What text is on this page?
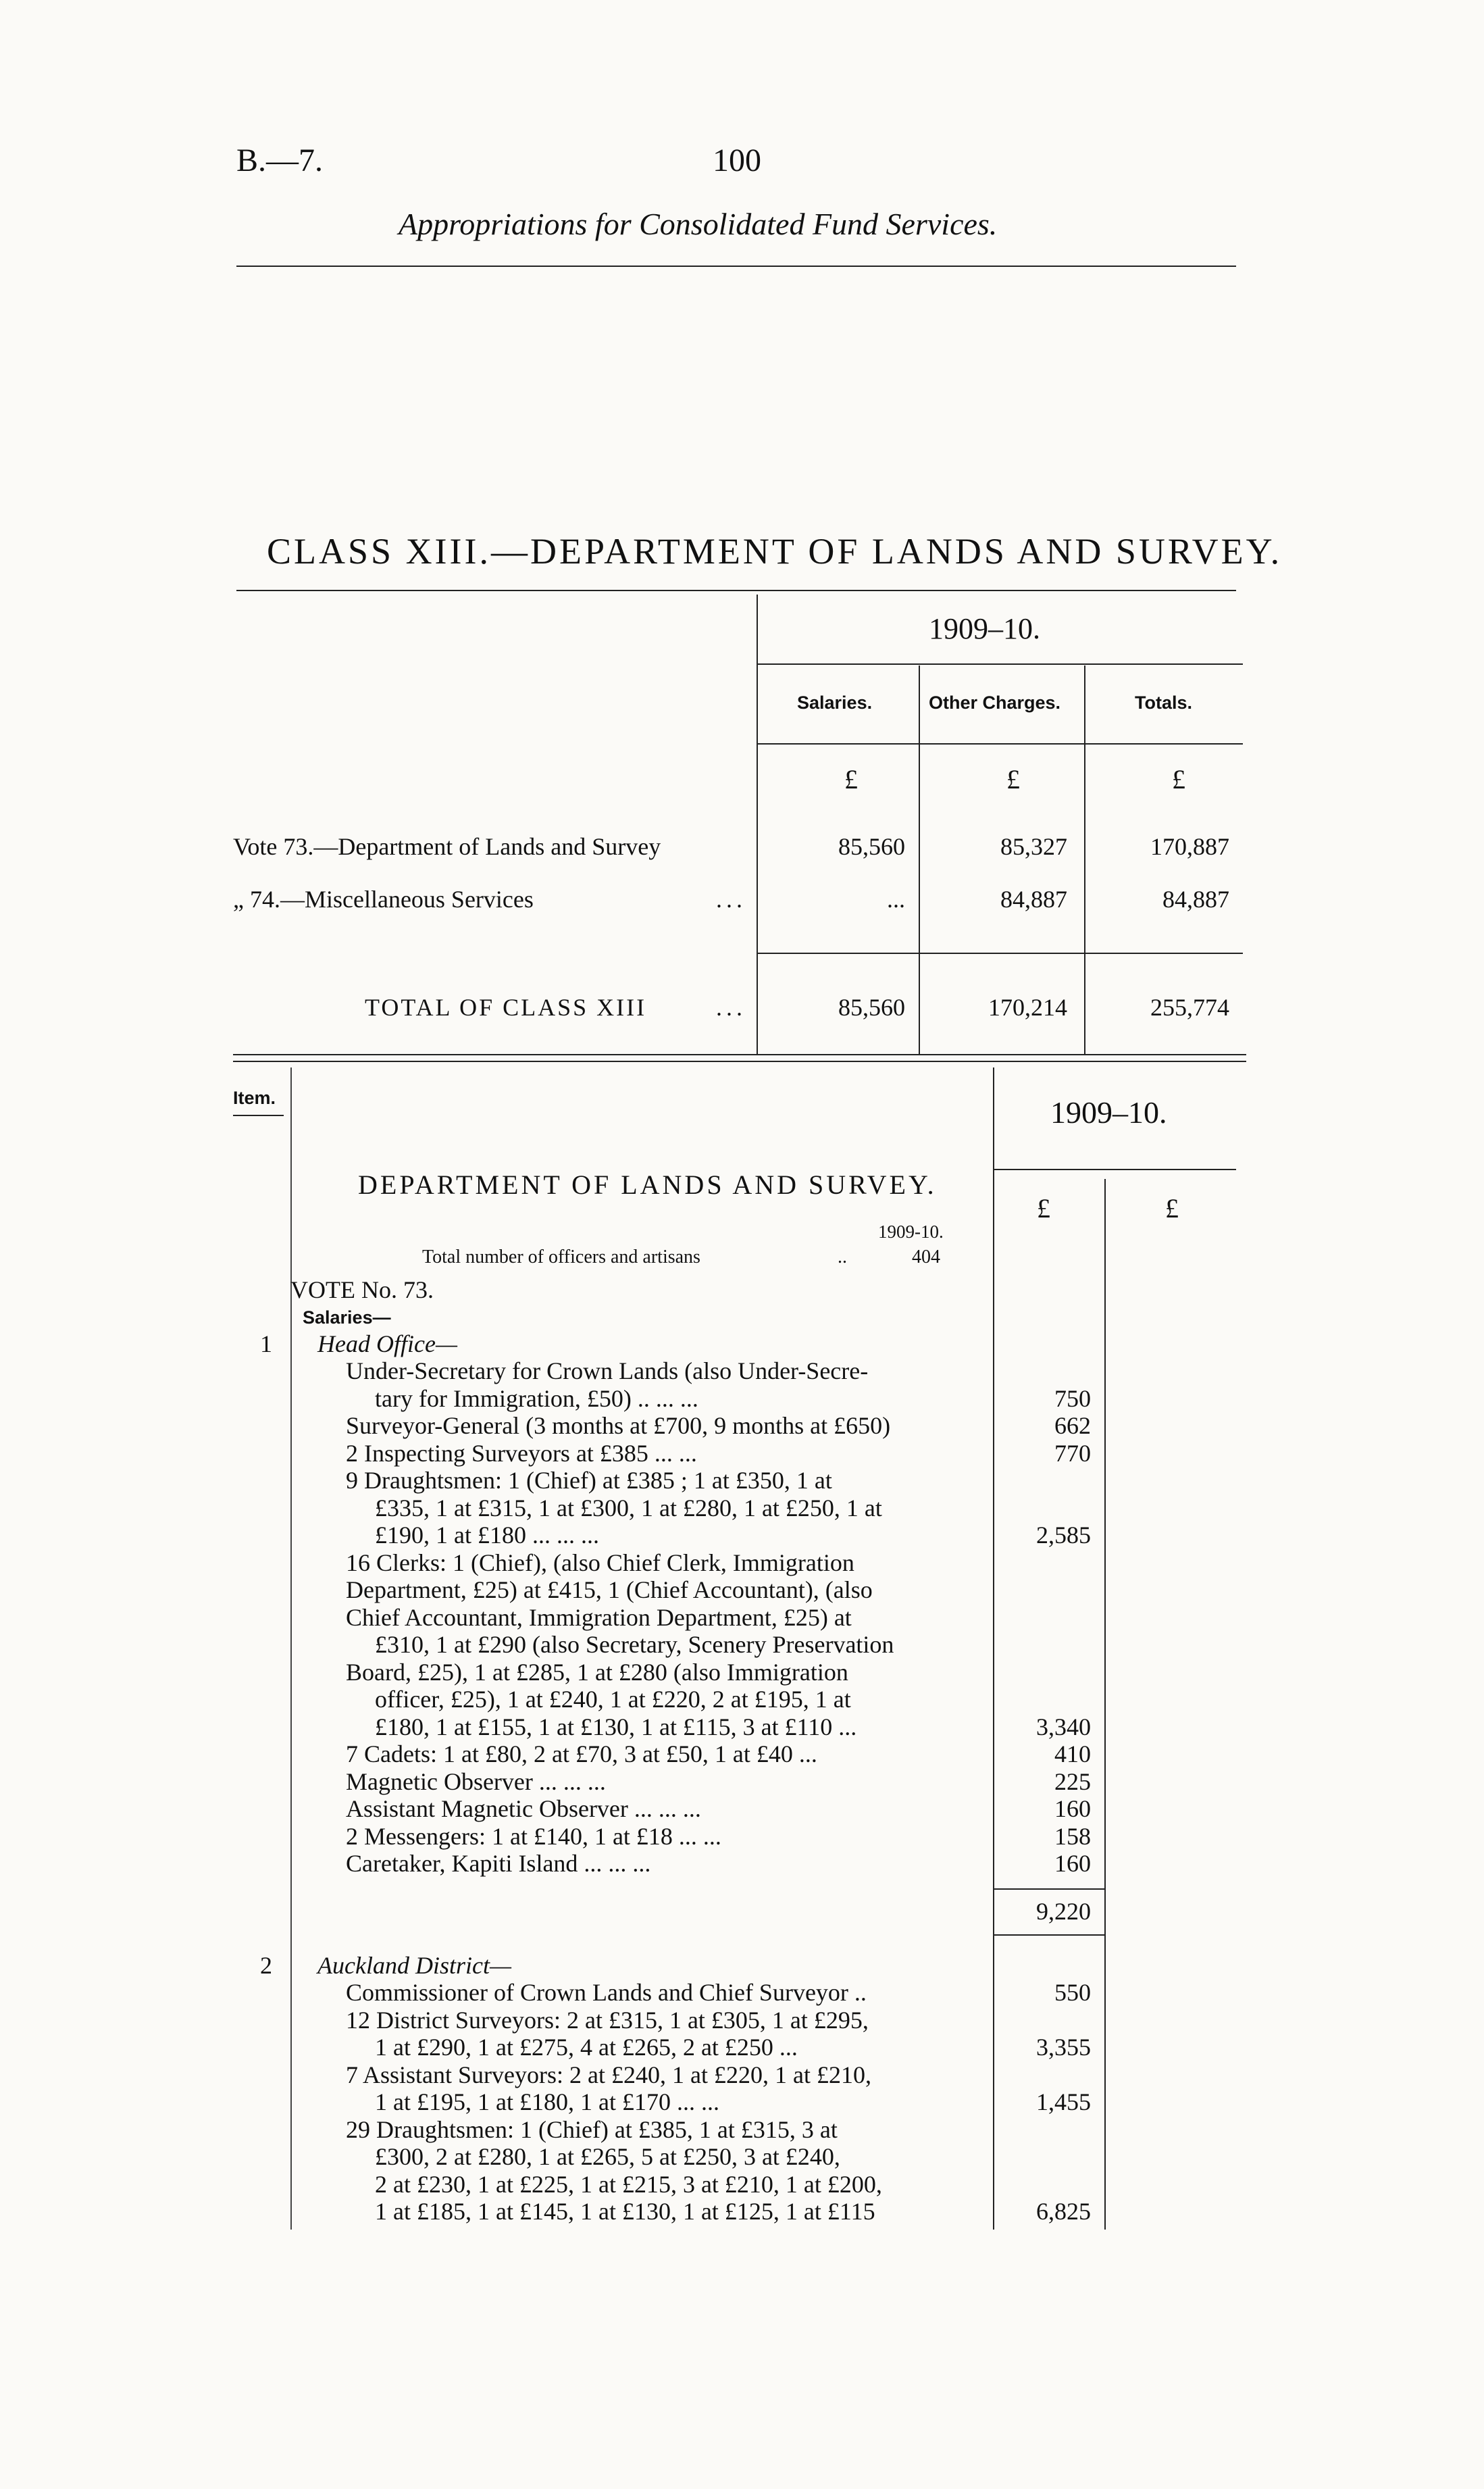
B.—7.	100
Appropriations for Consolidated Fund Services.
CLASS XIII.—DEPARTMENT OF LANDS AND SURVEY.
1909–10.
Salaries.	Other Charges.	Totals.
£	£	£
Vote 73.—Department of Lands and Survey	85,560	85,327	170,887
„ 74.—Miscellaneous Services	...	...	84,887	84,887
TOTAL OF CLASS XIII	...	85,560	170,214	255,774
Item.	1909–10.
£	£
DEPARTMENT OF LANDS AND SURVEY.
1909-10.
Total number of officers and artisans	..	404
VOTE No. 73.
Salaries—
1 Head Office—
Under-Secretary for Crown Lands (also Under-Secre-
tary for Immigration, £50) .. ... ...	750
Surveyor-General (3 months at £700, 9 months at £650)	662
2 Inspecting Surveyors at £385 ... ...	770
9 Draughtsmen: 1 (Chief) at £385 ; 1 at £350, 1 at
£335, 1 at £315, 1 at £300, 1 at £280, 1 at £250, 1 at
£190, 1 at £180 ... ... ...	2,585
16 Clerks: 1 (Chief), (also Chief Clerk, Immigration
Department, £25) at £415, 1 (Chief Accountant), (also
Chief Accountant, Immigration Department, £25) at
£310, 1 at £290 (also Secretary, Scenery Preservation
Board, £25), 1 at £285, 1 at £280 (also Immigration
officer, £25), 1 at £240, 1 at £220, 2 at £195, 1 at
£180, 1 at £155, 1 at £130, 1 at £115, 3 at £110 ...	3,340
7 Cadets: 1 at £80, 2 at £70, 3 at £50, 1 at £40 ...	410
Magnetic Observer ... ... ...	225
Assistant Magnetic Observer ... ... ...	160
2 Messengers: 1 at £140, 1 at £18 ... ...	158
Caretaker, Kapiti Island ... ... ...	160
9,220
2 Auckland District—
Commissioner of Crown Lands and Chief Surveyor ..	550
12 District Surveyors: 2 at £315, 1 at £305, 1 at £295,
1 at £290, 1 at £275, 4 at £265, 2 at £250 ...	3,355
7 Assistant Surveyors: 2 at £240, 1 at £220, 1 at £210,
1 at £195, 1 at £180, 1 at £170 ... ...	1,455
29 Draughtsmen: 1 (Chief) at £385, 1 at £315, 3 at
£300, 2 at £280, 1 at £265, 5 at £250, 3 at £240,
2 at £230, 1 at £225, 1 at £215, 3 at £210, 1 at £200,
1 at £185, 1 at £145, 1 at £130, 1 at £125, 1 at £115	6,825
